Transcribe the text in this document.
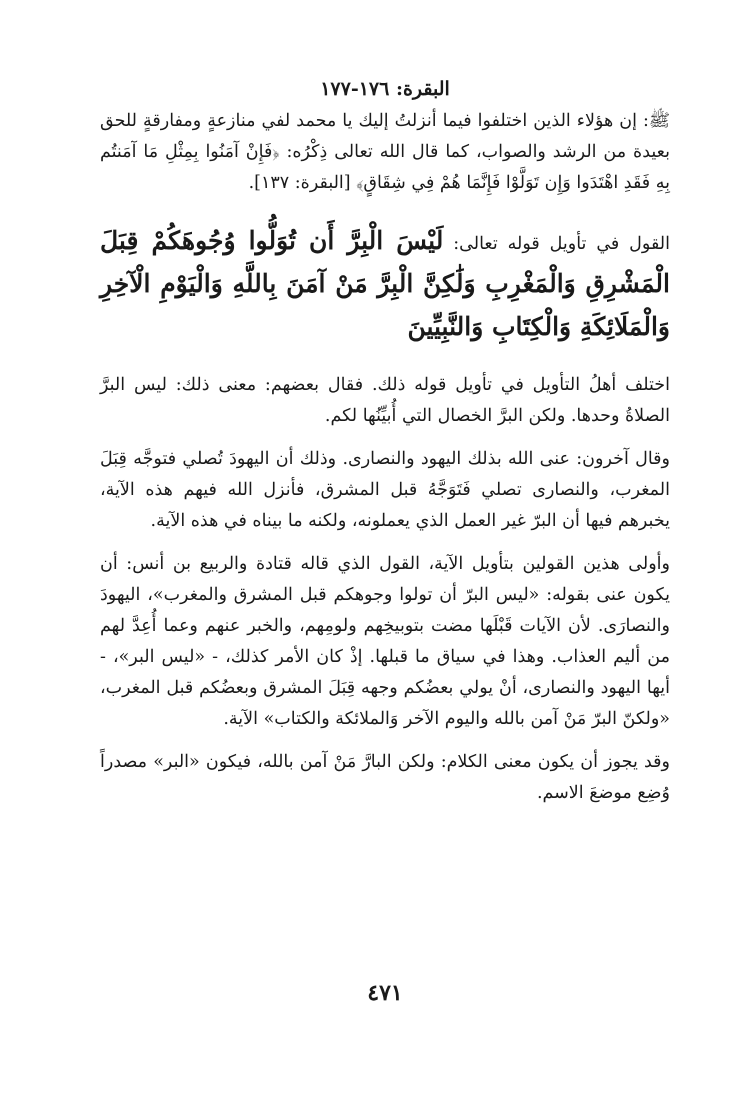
البقرة: ١٧٦-١٧٧

ﷺ: إن هؤلاء الذين اختلفوا فيما أنزلتُ إليك يا محمد لفي منازعةٍ ومفارقةٍ للحق بعيدة من الرشد والصواب، كما قال الله تعالى ذِكْرُه: ﴿فَإِنْ آمَنُوا بِمِثْلِ مَا آمَنتُم بِهِ فَقَدِ اهْتَدَوا وَإِن تَوَلَّوْا فَإِنَّمَا هُمْ فِي شِقَاقٍ﴾ [البقرة: ١٣٧].

القول في تأويل قوله تعالى: لَيْسَ الْبِرَّ أَن تُوَلُّوا وُجُوهَكُمْ قِبَلَ الْمَشْرِقِ وَالْمَغْرِبِ وَلَٰكِنَّ الْبِرَّ مَنْ آمَنَ بِاللَّهِ وَالْيَوْمِ الْآخِرِ وَالْمَلَائِكَةِ وَالْكِتَابِ وَالنَّبِيِّينَ

اختلف أهلُ التأويل في تأويل قوله ذلك. فقال بعضهم: معنى ذلك: ليس البرَّ الصلاةُ وحدها. ولكن البرَّ الخصال التي أُبيِّنُها لكم.

وقال آخرون: عنى الله بذلك اليهود والنصارى. وذلك أن اليهودَ تُصلي فتوجَّه قِبَلَ المغرب، والنصارى تصلي فَتَوَجَّهُ قبل المشرق، فأنزل الله فيهم هذه الآية، يخبرهم فيها أن البرّ غير العمل الذي يعملونه، ولكنه ما بيناه في هذه الآية.

وأولى هذين القولين بتأويل الآية، القول الذي قاله قتادة والربيع بن أنس: أن يكون عنى بقوله: «ليس البرّ أن تولوا وجوهكم قبل المشرق والمغرب»، اليهودَ والنصارَى. لأن الآيات قَبْلَها مضت بتوبيخِهم ولومِهم، والخبر عنهم وعما أُعِدَّ لهم من أليم العذاب. وهذا في سياق ما قبلها. إذْ كان الأمر كذلك، - «ليس البر»، - أيها اليهود والنصارى، أنْ يولي بعضُكم وجهه قِبَلَ المشرق وبعضُكم قبل المغرب، «ولكنّ البرّ مَنْ آمن بالله واليوم الآخر وَالملائكة والكتاب» الآية.

وقد يجوز أن يكون معنى الكلام: ولكن البارَّ مَنْ آمن بالله، فيكون «البر» مصدراً وُضِع موضعَ الاسم.

٤٧١
